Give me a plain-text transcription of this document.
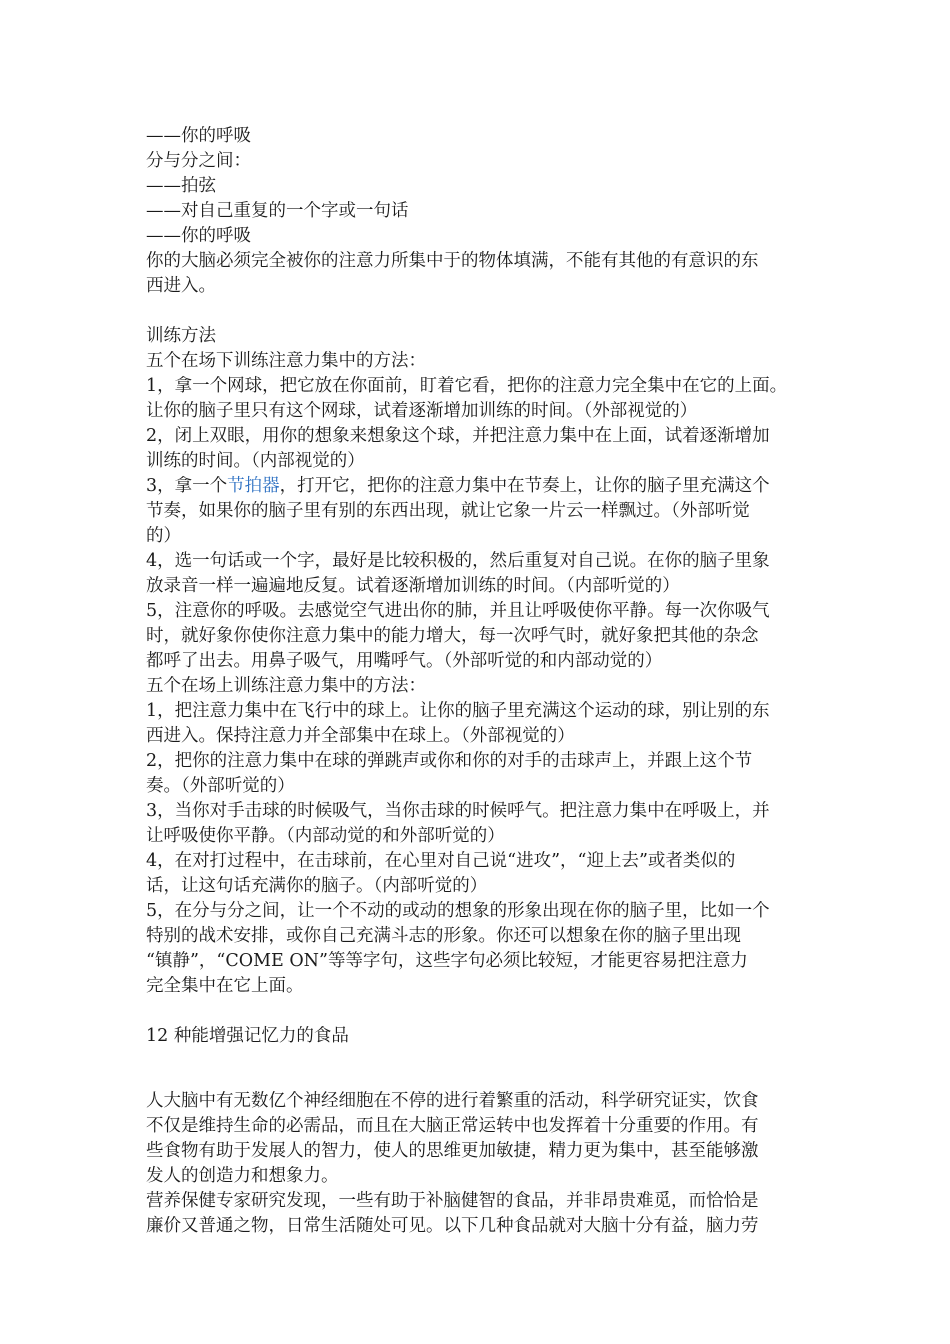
——你的呼吸
分与分之间：
——拍弦
——对自己重复的一个字或一句话
——你的呼吸
你的大脑必须完全被你的注意力所集中于的物体填满，不能有其他的有意识的东
西进入。
训练方法
五个在场下训练注意力集中的方法：
1，拿一个网球，把它放在你面前，盯着它看，把你的注意力完全集中在它的上面。
让你的脑子里只有这个网球，试着逐渐增加训练的时间。（外部视觉的）
2，闭上双眼，用你的想象来想象这个球，并把注意力集中在上面，试着逐渐增加
训练的时间。（内部视觉的）
3，拿一个节拍器，打开它，把你的注意力集中在节奏上，让你的脑子里充满这个
节奏，如果你的脑子里有别的东西出现，就让它象一片云一样飘过。（外部听觉
的）
4，选一句话或一个字，最好是比较积极的，然后重复对自己说。在你的脑子里象
放录音一样一遍遍地反复。试着逐渐增加训练的时间。（内部听觉的）
5，注意你的呼吸。去感觉空气进出你的肺，并且让呼吸使你平静。每一次你吸气
时，就好象你使你注意力集中的能力增大，每一次呼气时，就好象把其他的杂念
都呼了出去。用鼻子吸气，用嘴呼气。（外部听觉的和内部动觉的）
五个在场上训练注意力集中的方法：
1，把注意力集中在飞行中的球上。让你的脑子里充满这个运动的球，别让别的东
西进入。保持注意力并全部集中在球上。（外部视觉的）
2，把你的注意力集中在球的弹跳声或你和你的对手的击球声上，并跟上这个节
奏。（外部听觉的）
3，当你对手击球的时候吸气，当你击球的时候呼气。把注意力集中在呼吸上，并
让呼吸使你平静。（内部动觉的和外部听觉的）
4，在对打过程中，在击球前，在心里对自己说“进攻”，“迎上去”或者类似的
话，让这句话充满你的脑子。（内部听觉的）
5，在分与分之间，让一个不动的或动的想象的形象出现在你的脑子里，比如一个
特别的战术安排，或你自己充满斗志的形象。你还可以想象在你的脑子里出现
“镇静”，“COME ON”等等字句，这些字句必须比较短，才能更容易把注意力
完全集中在它上面。
12 种能增强记忆力的食品
人大脑中有无数亿个神经细胞在不停的进行着繁重的活动，科学研究证实，饮食
不仅是维持生命的必需品，而且在大脑正常运转中也发挥着十分重要的作用。有
些食物有助于发展人的智力，使人的思维更加敏捷，精力更为集中，甚至能够激
发人的创造力和想象力。
营养保健专家研究发现，一些有助于补脑健智的食品，并非昂贵难觅，而恰恰是
廉价又普通之物，日常生活随处可见。以下几种食品就对大脑十分有益，脑力劳
